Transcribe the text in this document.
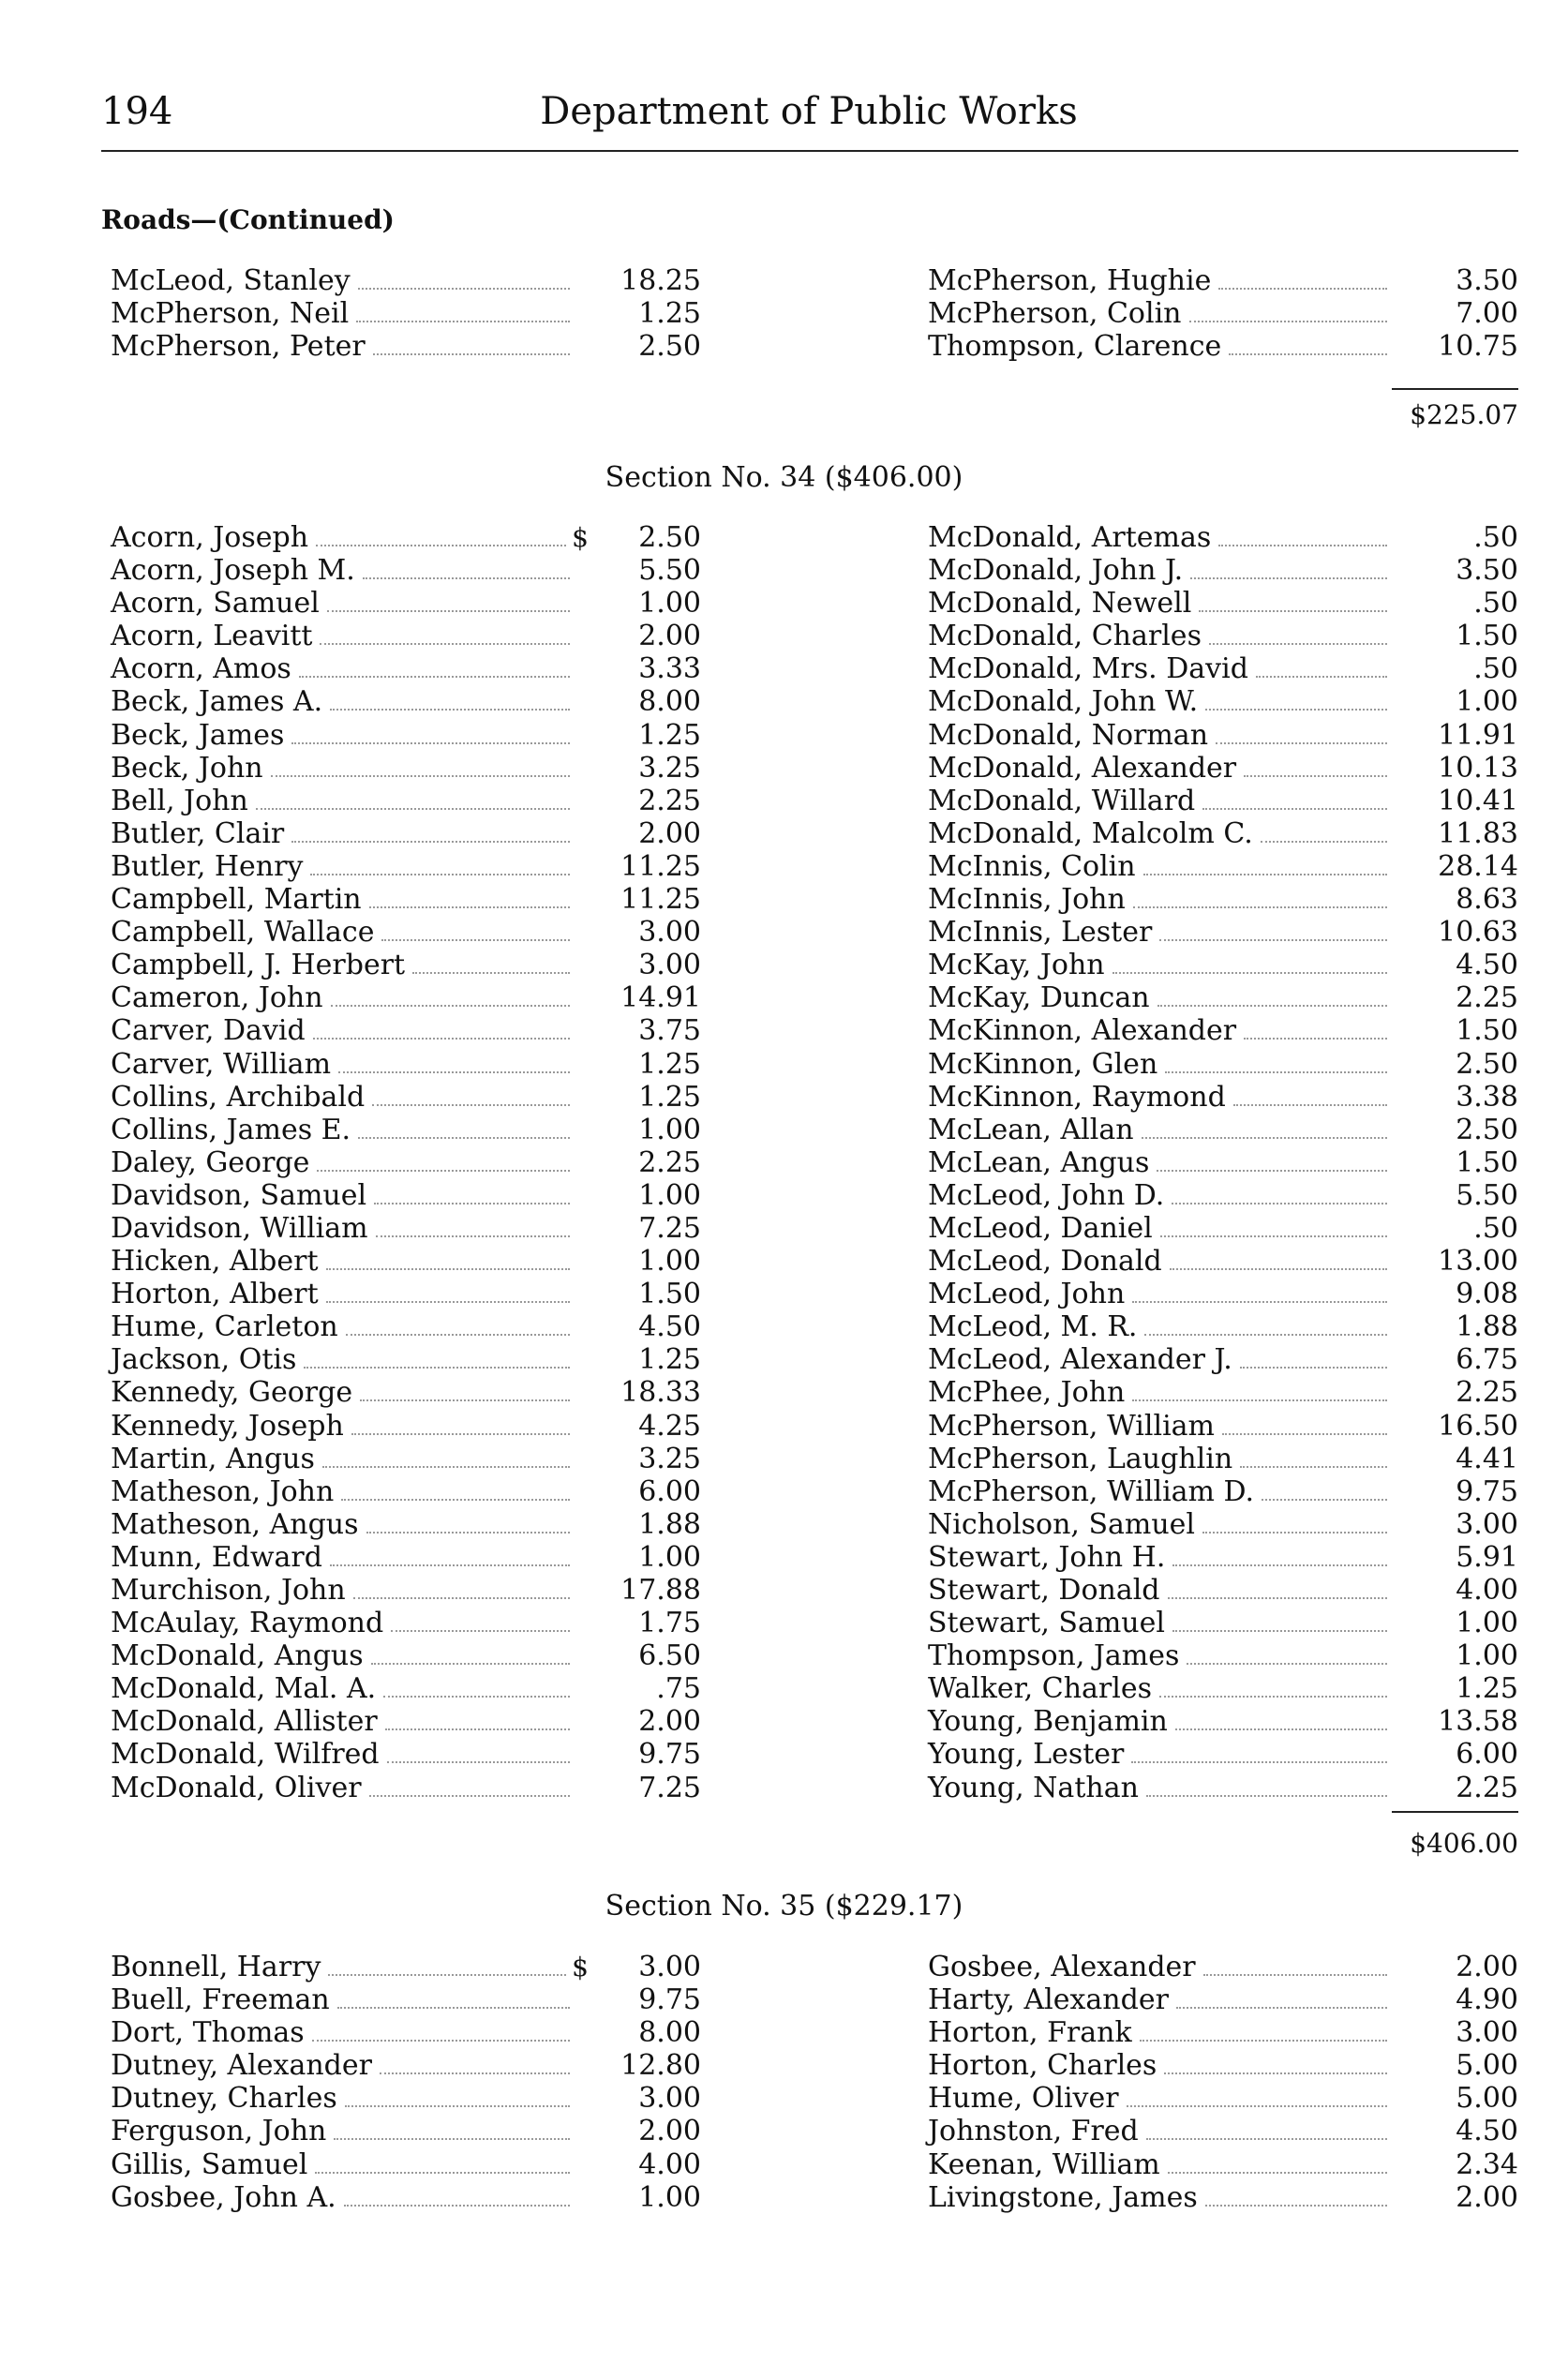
194	Department of Public Works
Roads—(Continued)
McLeod, Stanley	18.25
McPherson, Neil	1.25
McPherson, Peter	2.50
McPherson, Hughie	3.50
McPherson, Colin	7.00
Thompson, Clarence	10.75
$225.07
Section No. 34 ($406.00)
Acorn, Joseph	$	2.50
Acorn, Joseph M.	5.50
Acorn, Samuel	1.00
Acorn, Leavitt	2.00
Acorn, Amos	3.33
Beck, James A.	8.00
Beck, James	1.25
Beck, John	3.25
Bell, John	2.25
Butler, Clair	2.00
Butler, Henry	11.25
Campbell, Martin	11.25
Campbell, Wallace	3.00
Campbell, J. Herbert	3.00
Cameron, John	14.91
Carver, David	3.75
Carver, William	1.25
Collins, Archibald	1.25
Collins, James E.	1.00
Daley, George	2.25
Davidson, Samuel	1.00
Davidson, William	7.25
Hicken, Albert	1.00
Horton, Albert	1.50
Hume, Carleton	4.50
Jackson, Otis	1.25
Kennedy, George	18.33
Kennedy, Joseph	4.25
Martin, Angus	3.25
Matheson, John	6.00
Matheson, Angus	1.88
Munn, Edward	1.00
Murchison, John	17.88
McAulay, Raymond	1.75
McDonald, Angus	6.50
McDonald, Mal. A.	.75
McDonald, Allister	2.00
McDonald, Wilfred	9.75
McDonald, Oliver	7.25
McDonald, Artemas	.50
McDonald, John J.	3.50
McDonald, Newell	.50
McDonald, Charles	1.50
McDonald, Mrs. David	.50
McDonald, John W.	1.00
McDonald, Norman	11.91
McDonald, Alexander	10.13
McDonald, Willard	10.41
McDonald, Malcolm C.	11.83
McInnis, Colin	28.14
McInnis, John	8.63
McInnis, Lester	10.63
McKay, John	4.50
McKay, Duncan	2.25
McKinnon, Alexander	1.50
McKinnon, Glen	2.50
McKinnon, Raymond	3.38
McLean, Allan	2.50
McLean, Angus	1.50
McLeod, John D.	5.50
McLeod, Daniel	.50
McLeod, Donald	13.00
McLeod, John	9.08
McLeod, M. R.	1.88
McLeod, Alexander J.	6.75
McPhee, John	2.25
McPherson, William	16.50
McPherson, Laughlin	4.41
McPherson, William D.	9.75
Nicholson, Samuel	3.00
Stewart, John H.	5.91
Stewart, Donald	4.00
Stewart, Samuel	1.00
Thompson, James	1.00
Walker, Charles	1.25
Young, Benjamin	13.58
Young, Lester	6.00
Young, Nathan	2.25
$406.00
Section No. 35 ($229.17)
Bonnell, Harry	$	3.00
Buell, Freeman	9.75
Dort, Thomas	8.00
Dutney, Alexander	12.80
Dutney, Charles	3.00
Ferguson, John	2.00
Gillis, Samuel	4.00
Gosbee, John A.	1.00
Gosbee, Alexander	2.00
Harty, Alexander	4.90
Horton, Frank	3.00
Horton, Charles	5.00
Hume, Oliver	5.00
Johnston, Fred	4.50
Keenan, William	2.34
Livingstone, James	2.00
